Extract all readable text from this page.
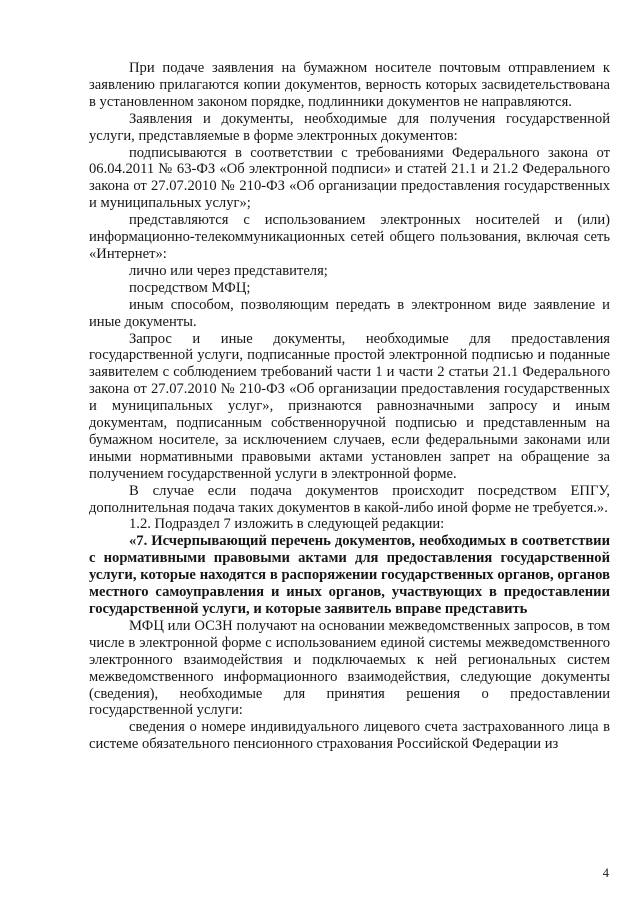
При подаче заявления на бумажном носителе почтовым отправлением к заявлению прилагаются копии документов, верность которых засвидетельствована в установленном законом порядке, подлинники документов не направляются.

Заявления и документы, необходимые для получения государственной услуги, представляемые в форме электронных документов:

подписываются в соответствии с требованиями Федерального закона от 06.04.2011 № 63-ФЗ «Об электронной подписи» и статей 21.1 и 21.2 Федерального закона от 27.07.2010 № 210-ФЗ «Об организации предоставления государственных и муниципальных услуг»;

представляются с использованием электронных носителей и (или) информационно-телекоммуникационных сетей общего пользования, включая сеть «Интернет»:

лично или через представителя;

посредством МФЦ;

иным способом, позволяющим передать в электронном виде заявление и иные документы.

Запрос и иные документы, необходимые для предоставления государственной услуги, подписанные простой электронной подписью и поданные заявителем с соблюдением требований части 1 и части 2 статьи 21.1 Федерального закона от 27.07.2010 № 210-ФЗ «Об организации предоставления государственных и муниципальных услуг», признаются равнозначными запросу и иным документам, подписанным собственноручной подписью и представленным на бумажном носителе, за исключением случаев, если федеральными законами или иными нормативными правовыми актами установлен запрет на обращение за получением государственной услуги в электронной форме.

В случае если подача документов происходит посредством ЕПГУ, дополнительная подача таких документов в какой-либо иной форме не требуется.».

1.2. Подраздел 7 изложить в следующей редакции:

«7. Исчерпывающий перечень документов, необходимых в соответствии с нормативными правовыми актами для предоставления государственной услуги, которые находятся в распоряжении государственных органов, органов местного самоуправления и иных органов, участвующих в предоставлении государственной услуги, и которые заявитель вправе представить

МФЦ или ОСЗН получают на основании межведомственных запросов, в том числе в электронной форме с использованием единой системы межведомственного электронного взаимодействия и подключаемых к ней региональных систем межведомственного информационного взаимодействия, следующие документы (сведения), необходимые для принятия решения о предоставлении государственной услуги:

сведения о номере индивидуального лицевого счета застрахованного лица в системе обязательного пенсионного страхования Российской Федерации из

4
